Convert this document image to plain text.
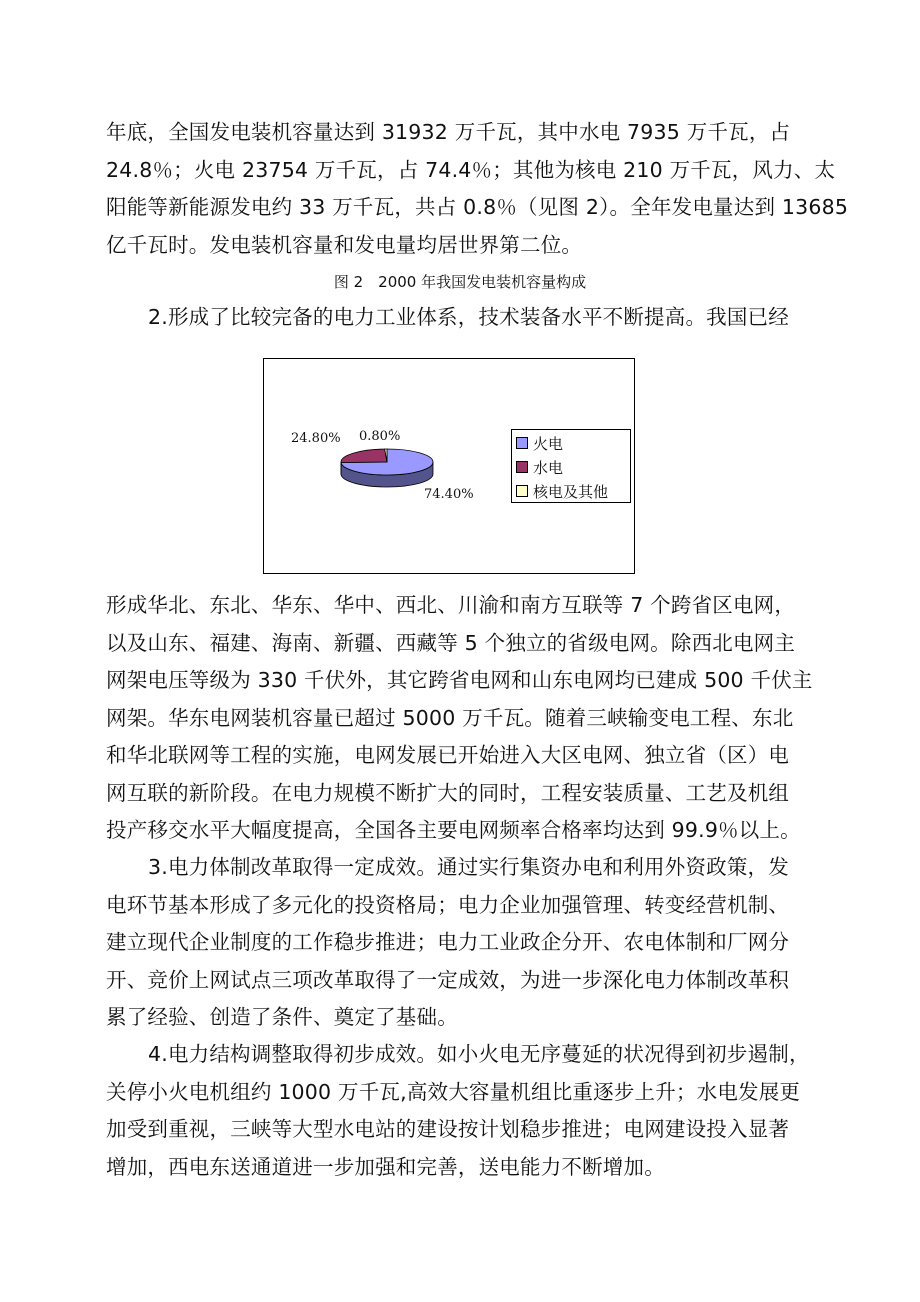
年底，全国发电装机容量达到 31932 万千瓦，其中水电 7935 万千瓦，占
24.8％；火电 23754 万千瓦，占 74.4％；其他为核电 210 万千瓦，风力、太
阳能等新能源发电约 33 万千瓦，共占 0.8％（见图 2）。全年发电量达到 13685
亿千瓦时。发电装机容量和发电量均居世界第二位。
图 2　2000 年我国发电装机容量构成
2.形成了比较完备的电力工业体系，技术装备水平不断提高。我国已经
24.80% 0.80%
74.40%
火电
水电
核电及其他
形成华北、东北、华东、华中、西北、川渝和南方互联等 7 个跨省区电网，
以及山东、福建、海南、新疆、西藏等 5 个独立的省级电网。除西北电网主
网架电压等级为 330 千伏外，其它跨省电网和山东电网均已建成 500 千伏主
网架。华东电网装机容量已超过 5000 万千瓦。随着三峡输变电工程、东北
和华北联网等工程的实施，电网发展已开始进入大区电网、独立省（区）电
网互联的新阶段。在电力规模不断扩大的同时，工程安装质量、工艺及机组
投产移交水平大幅度提高，全国各主要电网频率合格率均达到 99.9％以上。
3.电力体制改革取得一定成效。通过实行集资办电和利用外资政策，发
电环节基本形成了多元化的投资格局；电力企业加强管理、转变经营机制、
建立现代企业制度的工作稳步推进；电力工业政企分开、农电体制和厂网分
开、竞价上网试点三项改革取得了一定成效，为进一步深化电力体制改革积
累了经验、创造了条件、奠定了基础。
4.电力结构调整取得初步成效。如小火电无序蔓延的状况得到初步遏制，
关停小火电机组约 1000 万千瓦,高效大容量机组比重逐步上升；水电发展更
加受到重视，三峡等大型水电站的建设按计划稳步推进；电网建设投入显著
增加，西电东送通道进一步加强和完善，送电能力不断增加。
